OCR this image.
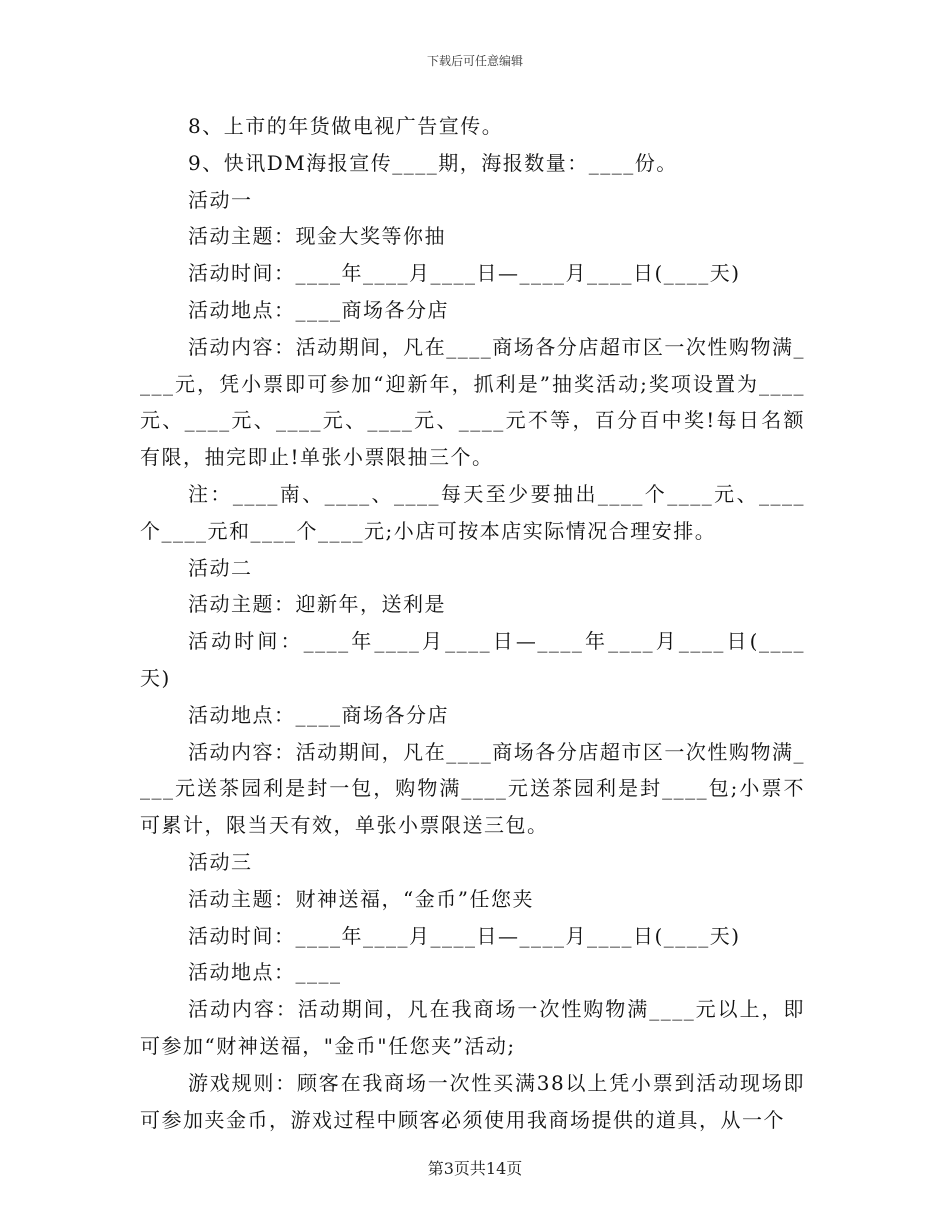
下载后可任意编辑

8、上市的年货做电视广告宣传。

9、快讯DM海报宣传____期，海报数量：____份。

活动一

活动主题：现金大奖等你抽

活动时间：____年____月____日—____月____日(____天)

活动地点：____商场各分店

活动内容：活动期间，凡在____商场各分店超市区一次性购物满____元，凭小票即可参加“迎新年，抓利是”抽奖活动;奖项设置为____元、____元、____元、____元、____元不等，百分百中奖!每日名额有限，抽完即止!单张小票限抽三个。

注：____南、____、____每天至少要抽出____个____元、____个____元和____个____元;小店可按本店实际情况合理安排。

活动二

活动主题：迎新年，送利是

活动时间：____年____月____日—____年____月____日(____天)

活动地点：____商场各分店

活动内容：活动期间，凡在____商场各分店超市区一次性购物满____元送茶园利是封一包，购物满____元送茶园利是封____包;小票不可累计，限当天有效，单张小票限送三包。

活动三

活动主题：财神送福，“金币”任您夹

活动时间：____年____月____日—____月____日(____天)

活动地点：____

活动内容：活动期间，凡在我商场一次性购物满____元以上，即可参加“财神送福，"金币"任您夹”活动;

游戏规则：顾客在我商场一次性买满38以上凭小票到活动现场即可参加夹金币，游戏过程中顾客必须使用我商场提供的道具，从一个

第3页共14页
